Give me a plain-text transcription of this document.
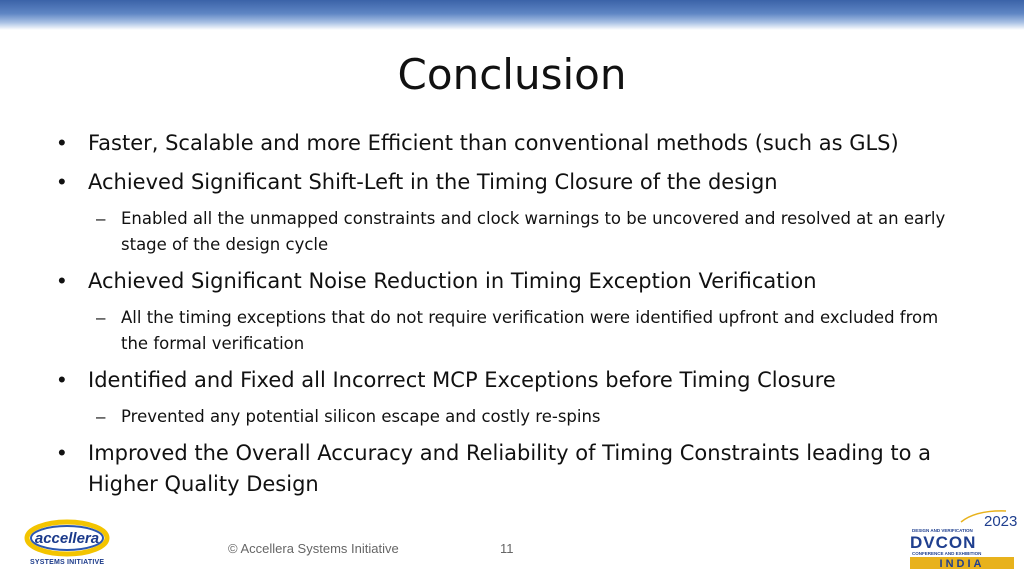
Conclusion
•	Faster, Scalable and more Efficient than conventional methods (such as GLS)
•	Achieved Significant Shift-Left in the Timing Closure of the design
– Enabled all the unmapped constraints and clock warnings to be uncovered and resolved at an early stage of the design cycle
•	Achieved Significant Noise Reduction in Timing Exception Verification
– All the timing exceptions that do not require verification were identified upfront and excluded from the formal verification
•	Identified and Fixed all Incorrect MCP Exceptions before Timing Closure
– Prevented any potential silicon escape and costly re-spins
•	Improved the Overall Accuracy and Reliability of Timing Constraints leading to a Higher Quality Design
accellera
SYSTEMS INITIATIVE
© Accellera Systems Initiative	11
2023
DESIGN AND VERIFICATION
DVCON
CONFERENCE AND EXHIBITION
INDIA
